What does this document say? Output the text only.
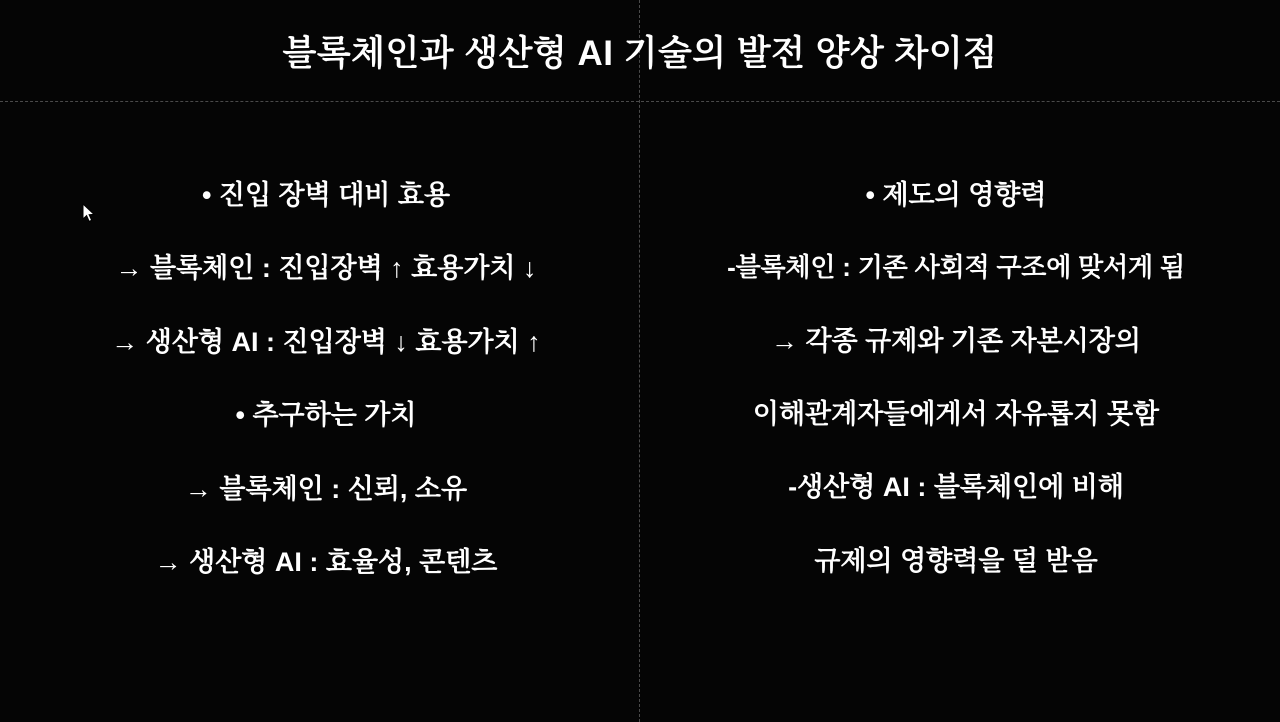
블록체인과 생산형 AI 기술의 발전 양상 차이점
• 진입 장벽 대비 효용
→ 블록체인 : 진입장벽 ↑ 효용가치 ↓
→ 생산형 AI : 진입장벽 ↓ 효용가치 ↑
• 추구하는 가치
→ 블록체인 : 신뢰, 소유
→ 생산형 AI : 효율성, 콘텐츠
• 제도의 영향력
-블록체인 : 기존 사회적 구조에 맞서게 됨
→ 각종 규제와 기존 자본시장의
이해관계자들에게서 자유롭지 못함
-생산형 AI : 블록체인에 비해
규제의 영향력을 덜 받음
